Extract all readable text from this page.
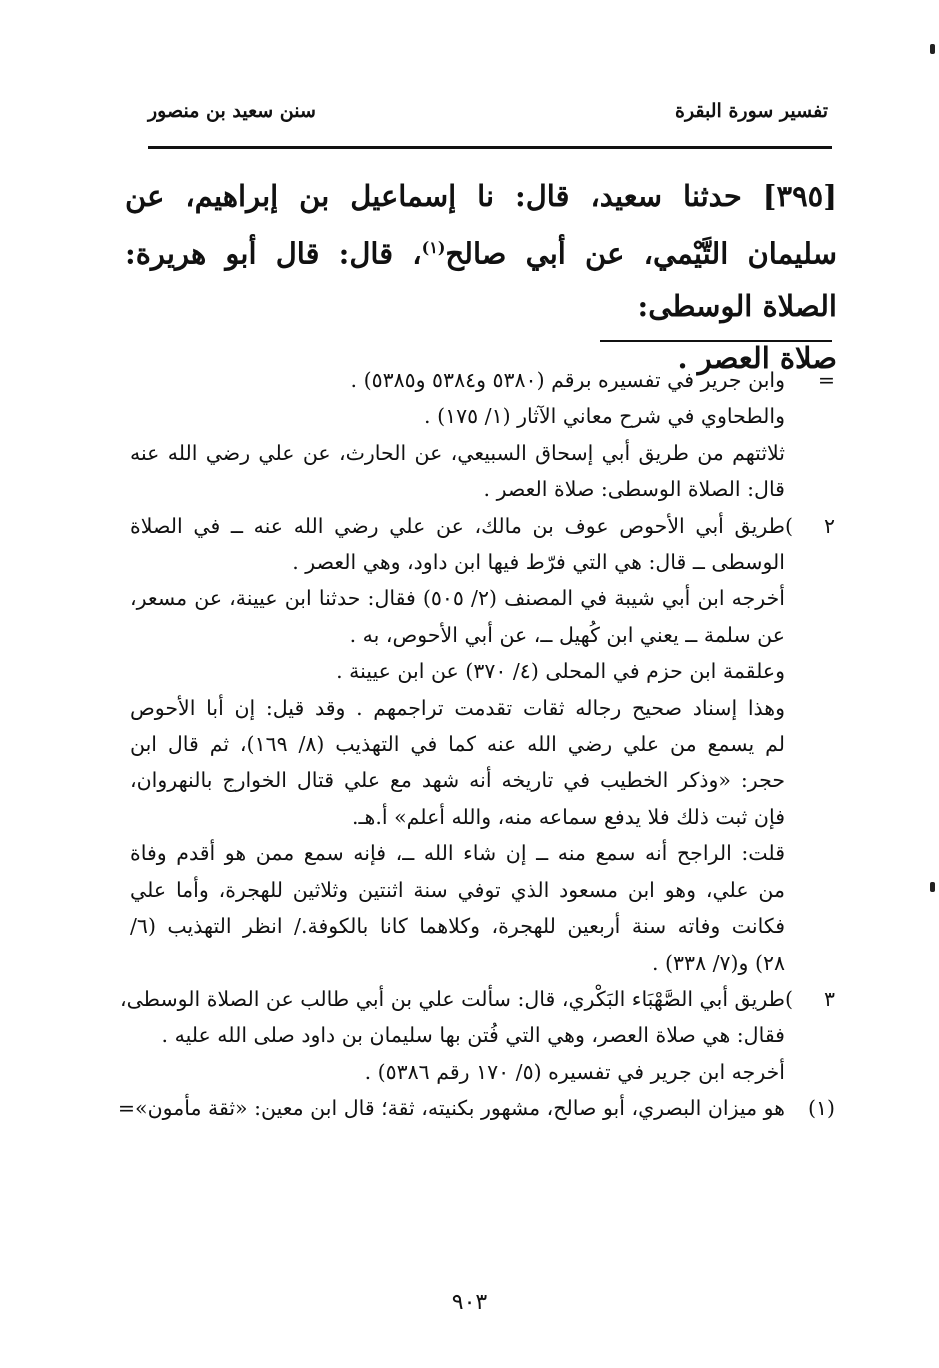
تفسير سورة البقرة
سنن سعيد بن منصور
[٣٩٥] حدثنا سعيد، قال: نا إسماعيل بن إبراهيم، عن سليمان التَّيْمي، عن أبي صالح$^{(١)}$، قال: قال أبو هريرة: الصلاة الوسطى:
صلاة العصر .
=وابن جرير في تفسيره برقم (٥٣٨٠ و٥٣٨٤ و٥٣٨٥) .
والطحاوي في شرح معاني الآثار (١/ ١٧٥) .
ثلاثتهم من طريق أبي إسحاق السبيعي، عن الحارث، عن علي رضي الله عنه
قال: الصلاة الوسطى: صلاة العصر .
٢ )طريق أبي الأحوص عوف بن مالك، عن علي رضي الله عنه ــ في الصلاة
الوسطى ــ قال: هي التي فرّط فيها ابن داود، وهي العصر .
أخرجه ابن أبي شيبة في المصنف (٢/ ٥٠٥) فقال: حدثنا ابن عيينة، عن مسعر،
عن سلمة ــ يعني ابن كُهيل ــ، عن أبي الأحوص، به .
وعلقمة ابن حزم في المحلى (٤/ ٣٧٠) عن ابن عيينة .
وهذا إسناد صحيح رجاله ثقات تقدمت تراجمهم . وقد قيل: إن أبا الأحوص
لم يسمع من علي رضي الله عنه كما في التهذيب (٨/ ١٦٩)، ثم قال ابن
حجر: «وذكر الخطيب في تاريخه أنه شهد مع علي قتال الخوارج بالنهروان،
فإن ثبت ذلك فلا يدفع سماعه منه، والله أعلم» أ.هـ.
قلت: الراجح أنه سمع منه ــ إن شاء الله ــ، فإنه سمع ممن هو أقدم وفاة
من علي، وهو ابن مسعود الذي توفي سنة اثنتين وثلاثين للهجرة، وأما علي
فكانت وفاته سنة أربعين للهجرة، وكلاهما كانا بالكوفة./ انظر التهذيب (٦/
٢٨) و(٧/ ٣٣٨) .
٣ )طريق أبي الصَّهْبَاء البَكْري، قال: سألت علي بن أبي طالب عن الصلاة الوسطى،
فقال: هي صلاة العصر، وهي التي فُتن بها سليمان بن داود صلى الله عليه .
أخرجه ابن جرير في تفسيره (٥/ ١٧٠ رقم ٥٣٨٦) .
(١)هو ميزان البصري، أبو صالح، مشهور بكنيته، ثقة؛ قال ابن معين: «ثقة مأمون»=
٩٠٣
